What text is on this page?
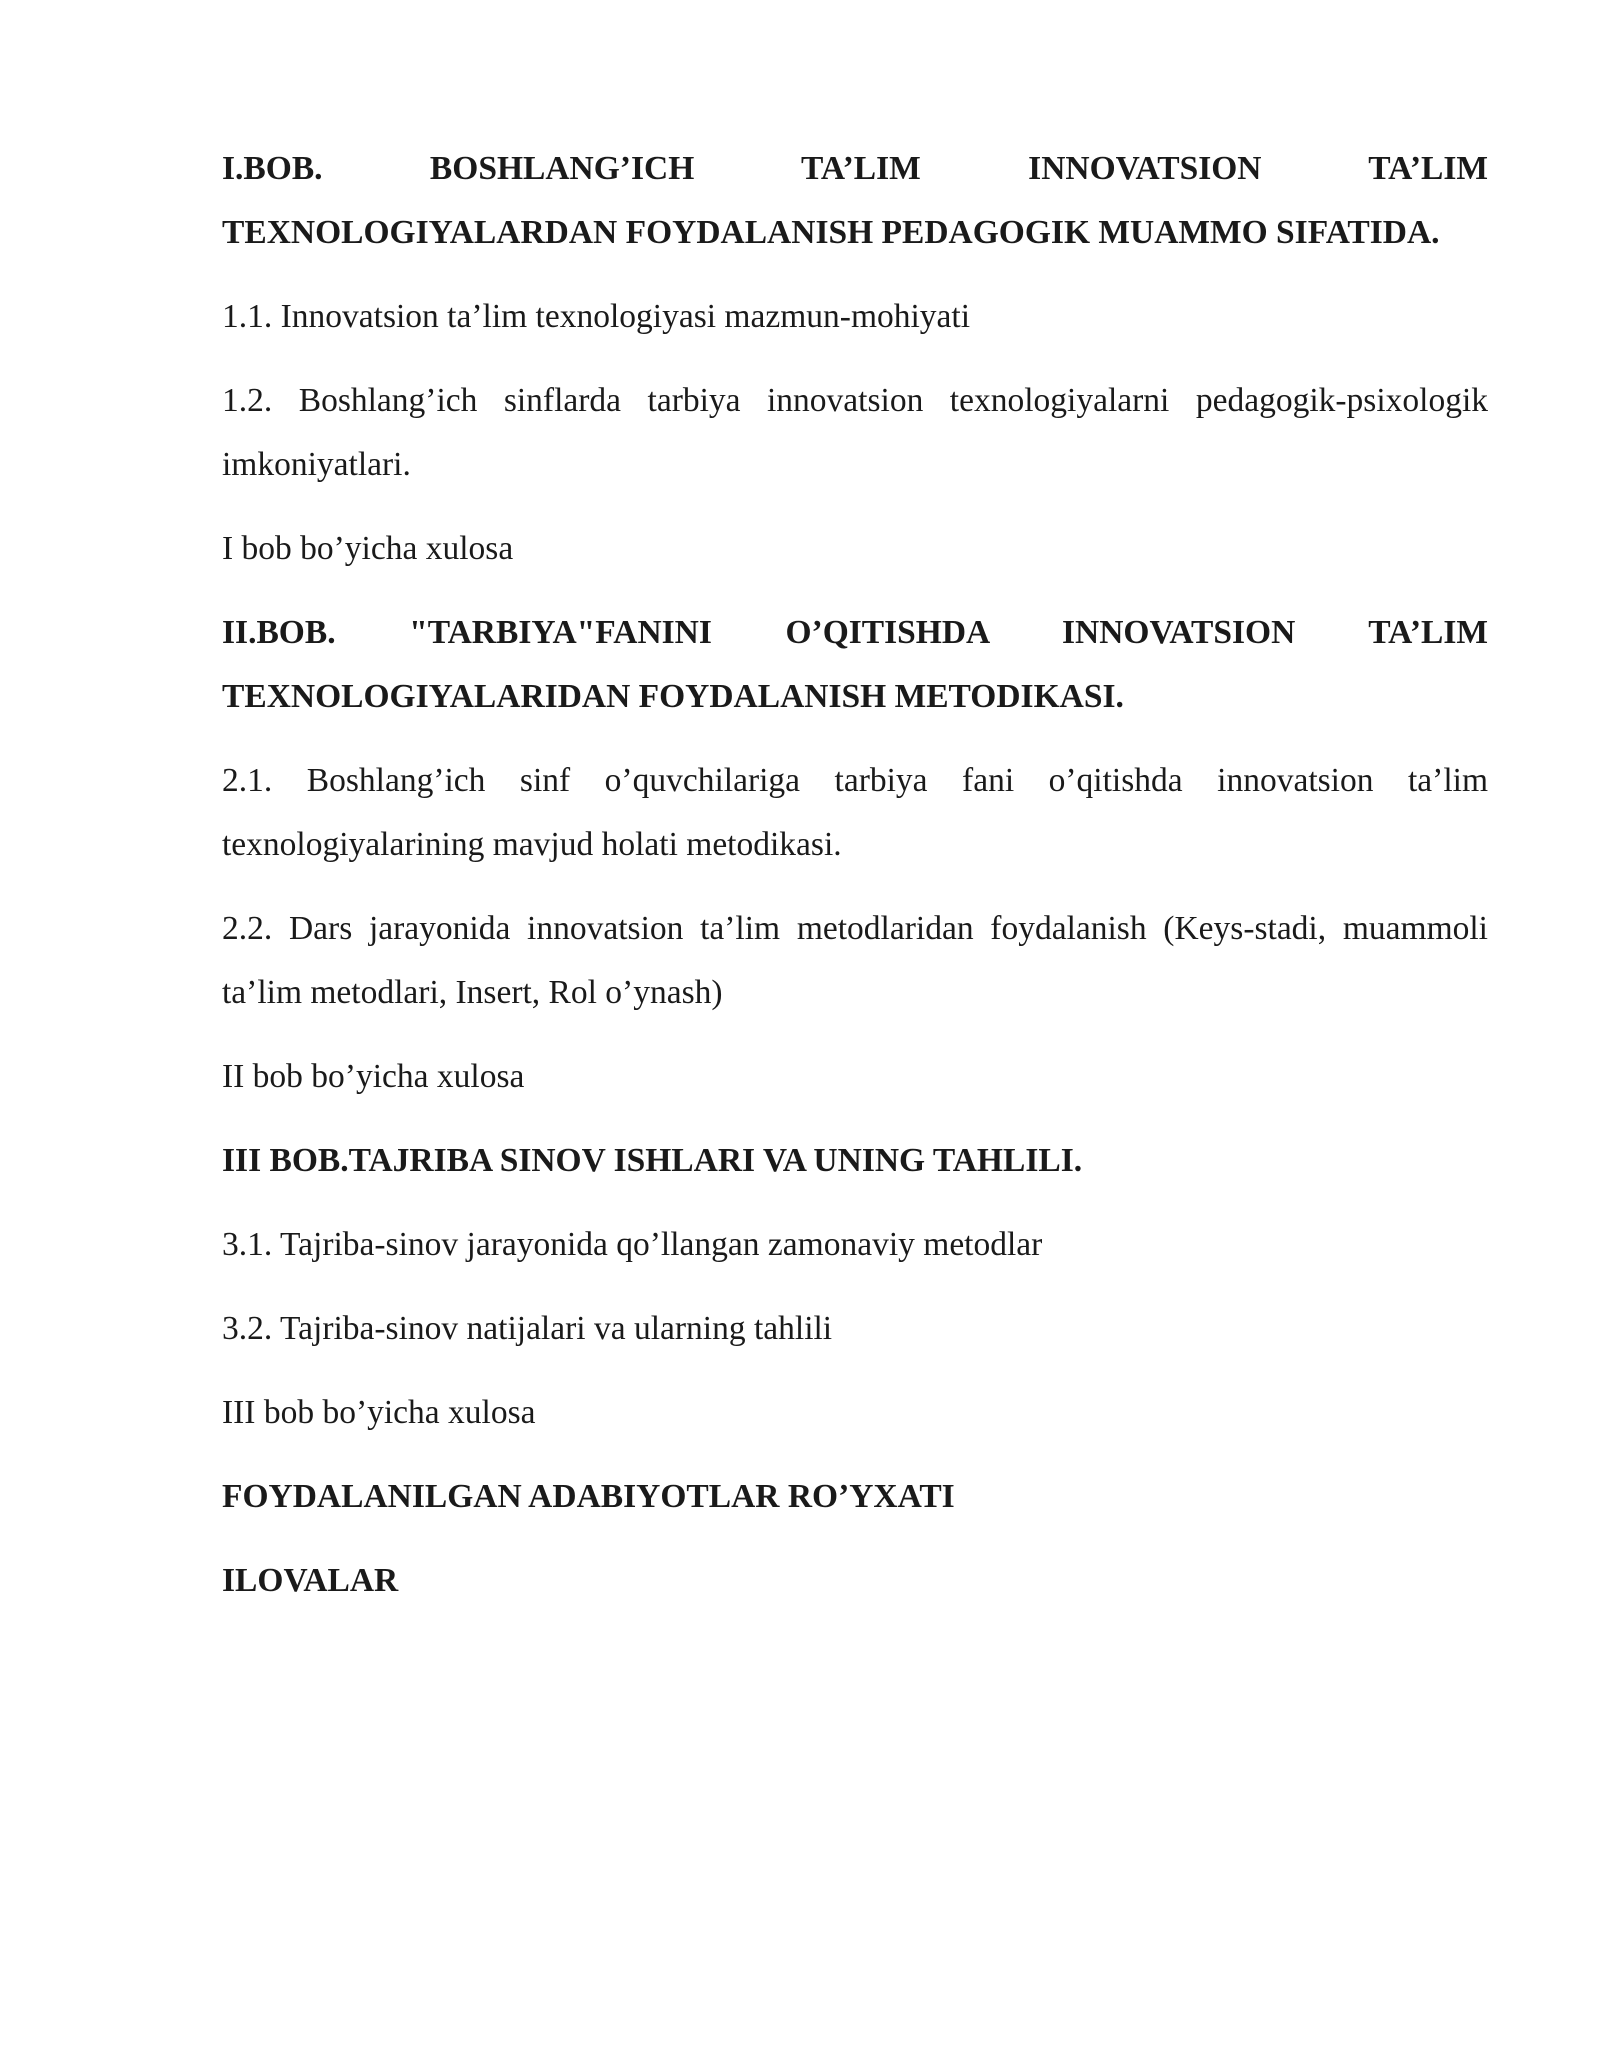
I.BOB. BOSHLANG’ICH TA’LIM INNOVATSION TA’LIM TEXNOLOGIYALARDAN FOYDALANISH PEDAGOGIK MUAMMO SIFATIDA.

1.1. Innovatsion ta’lim texnologiyasi mazmun-mohiyati

1.2. Boshlang’ich sinflarda tarbiya innovatsion texnologiyalarni pedagogik-psixologik imkoniyatlari.

I bob bo’yicha xulosa

II.BOB. "TARBIYA"FANINI O’QITISHDA INNOVATSION TA’LIM TEXNOLOGIYALARIDAN FOYDALANISH METODIKASI.

2.1. Boshlang’ich sinf o’quvchilariga tarbiya fani o’qitishda innovatsion ta’lim texnologiyalarining mavjud holati metodikasi.

2.2. Dars jarayonida innovatsion ta’lim metodlaridan foydalanish (Keys-stadi, muammoli ta’lim metodlari, Insert, Rol o’ynash)

II bob bo’yicha xulosa

III BOB.TAJRIBA SINOV ISHLARI VA UNING TAHLILI.

3.1. Tajriba-sinov jarayonida qo’llangan zamonaviy metodlar

3.2. Tajriba-sinov natijalari va ularning tahlili

III bob bo’yicha xulosa

FOYDALANILGAN ADABIYOTLAR RO’YXATI

ILOVALAR
